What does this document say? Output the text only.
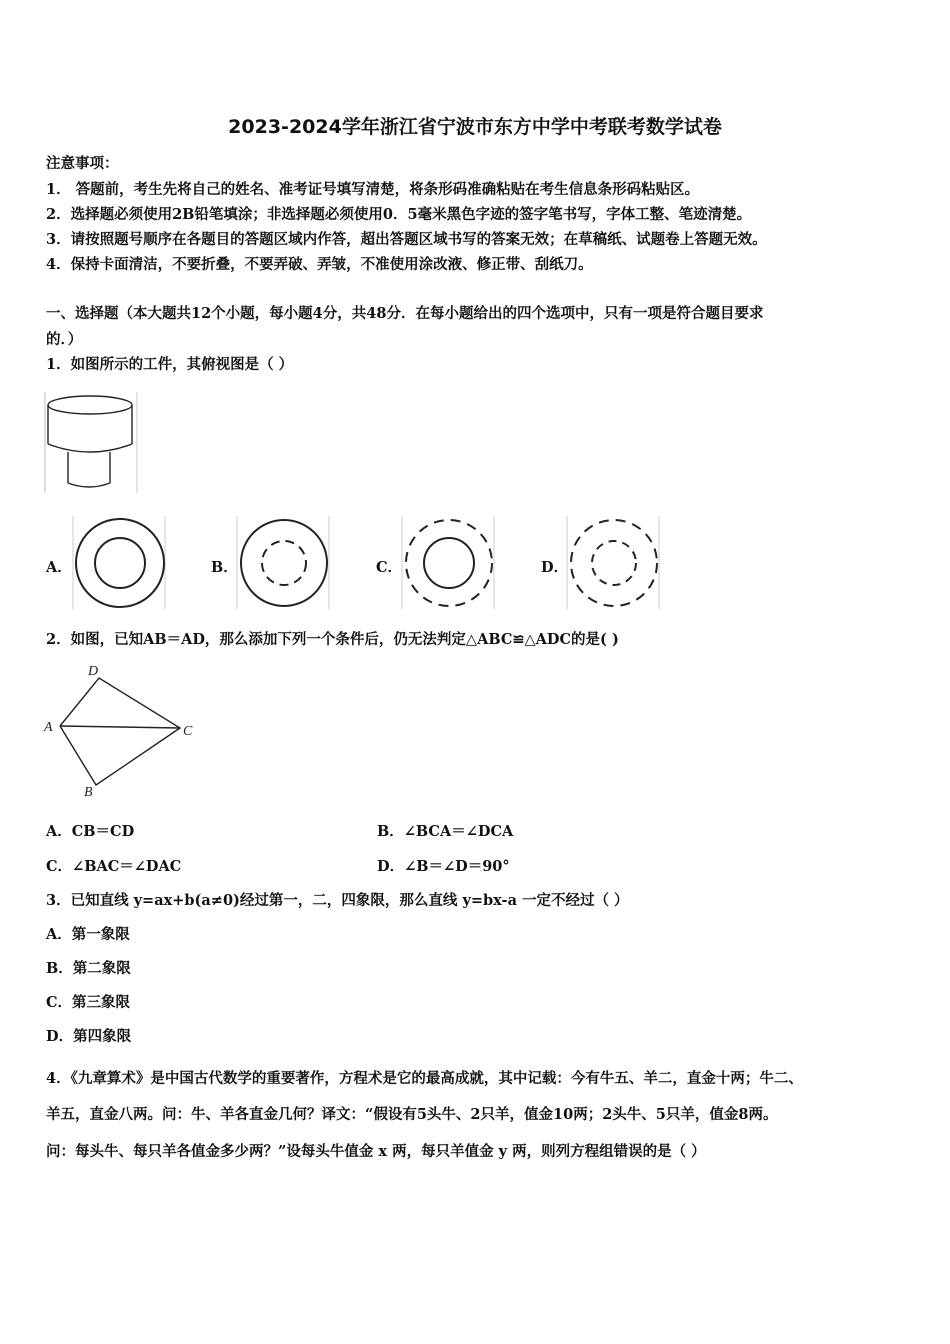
2023-2024学年浙江省宁波市东方中学中考联考数学试卷
注意事项：
1． 答题前，考生先将自己的姓名、准考证号填写清楚，将条形码准确粘贴在考生信息条形码粘贴区。
2．选择题必须使用2B铅笔填涂；非选择题必须使用0．5毫米黑色字迹的签字笔书写，字体工整、笔迹清楚。
3．请按照题号顺序在各题目的答题区域内作答，超出答题区域书写的答案无效；在草稿纸、试题卷上答题无效。
4．保持卡面清洁，不要折叠，不要弄破、弄皱，不准使用涂改液、修正带、刮纸刀。
一、选择题（本大题共12个小题，每小题4分，共48分．在每小题给出的四个选项中，只有一项是符合题目要求
的．）
1．如图所示的工件，其俯视图是（ ）
A．	B．	C．	D．
2．如图，已知AB＝AD，那么添加下列一个条件后，仍无法判定△ABC≌△ADC的是( )
D
A	C
B
A．CB＝CD	B．∠BCA＝∠DCA
C．∠BAC＝∠DAC	D．∠B＝∠D＝90°
3．已知直线 y=ax+b(a≠0)经过第一，二，四象限，那么直线 y=bx-a 一定不经过（ ）
A．第一象限
B．第二象限
C．第三象限
D．第四象限
4．《九章算术》是中国古代数学的重要著作，方程术是它的最高成就，其中记载：今有牛五、羊二，直金十两；牛二、
羊五，直金八两。问：牛、羊各直金几何？译文：“假设有5头牛、2只羊，值金10两；2头牛、5只羊，值金8两。
问：每头牛、每只羊各值金多少两？”设每头牛值金 x 两，每只羊值金 y 两，则列方程组错误的是（ ）
